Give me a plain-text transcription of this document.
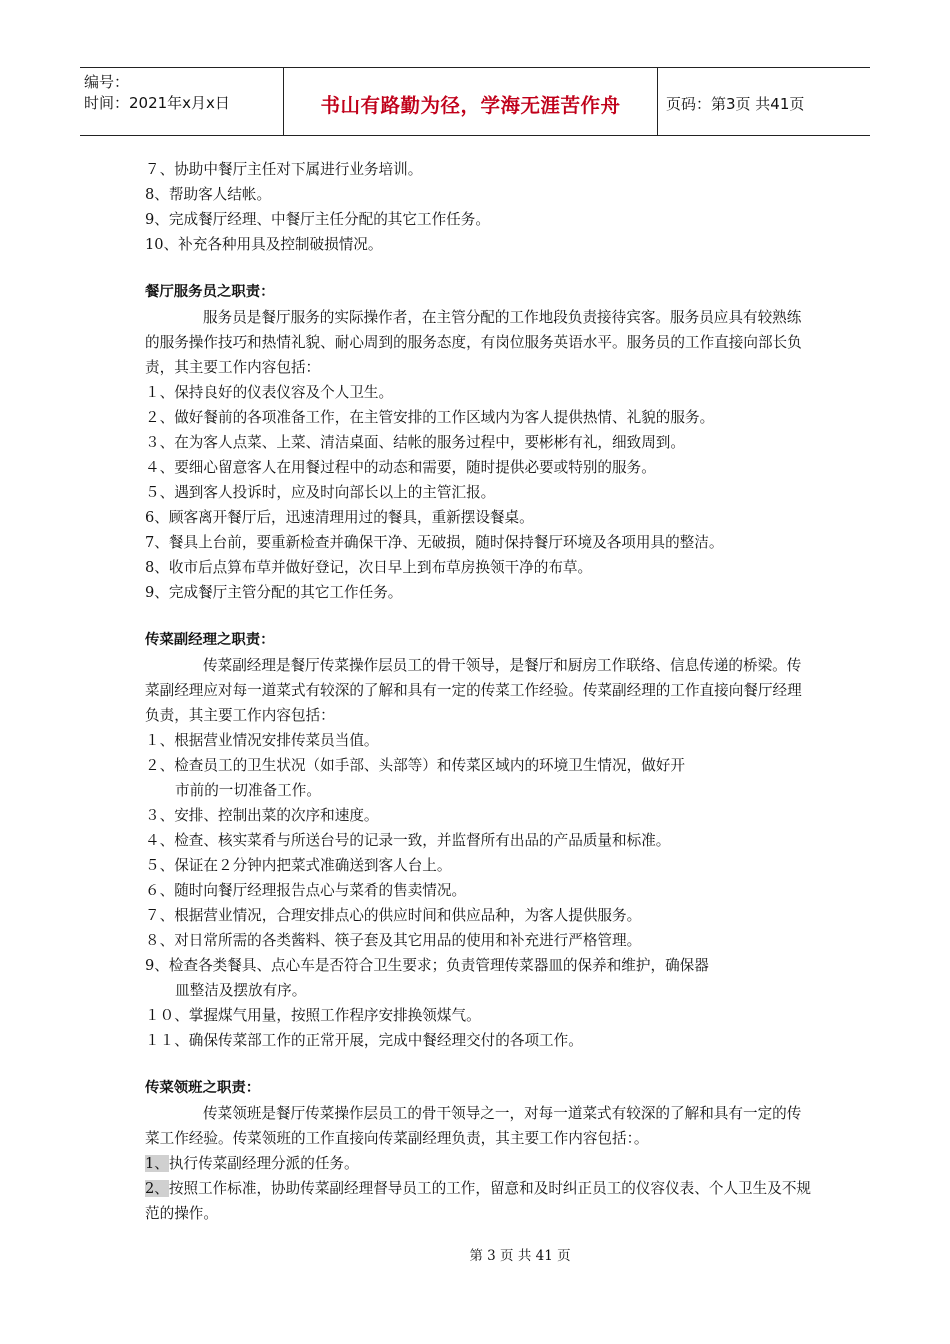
编号：
时间：2021年x月x日	书山有路勤为径，学海无涯苦作舟	页码：第3页 共41页
７、协助中餐厅主任对下属进行业务培训。
8、帮助客人结帐。
9、完成餐厅经理、中餐厅主任分配的其它工作任务。
10、补充各种用具及控制破损情况。
餐厅服务员之职责：
服务员是餐厅服务的实际操作者，在主管分配的工作地段负责接待宾客。服务员应具有较熟练的服务操作技巧和热情礼貌、耐心周到的服务态度，有岗位服务英语水平。服务员的工作直接向部长负责，其主要工作内容包括：
１、保持良好的仪表仪容及个人卫生。
２、做好餐前的各项准备工作，在主管安排的工作区域内为客人提供热情、礼貌的服务。
３、在为客人点菜、上菜、清洁桌面、结帐的服务过程中，要彬彬有礼，细致周到。
４、要细心留意客人在用餐过程中的动态和需要，随时提供必要或特别的服务。
５、遇到客人投诉时，应及时向部长以上的主管汇报。
6、顾客离开餐厅后，迅速清理用过的餐具，重新摆设餐桌。
7、餐具上台前，要重新检查并确保干净、无破损，随时保持餐厅环境及各项用具的整洁。
8、收市后点算布草并做好登记，次日早上到布草房换领干净的布草。
9、完成餐厅主管分配的其它工作任务。
传菜副经理之职责：
传菜副经理是餐厅传菜操作层员工的骨干领导，是餐厅和厨房工作联络、信息传递的桥梁。传菜副经理应对每一道菜式有较深的了解和具有一定的传菜工作经验。传菜副经理的工作直接向餐厅经理负责，其主要工作内容包括：
１、根据营业情况安排传菜员当值。
２、检查员工的卫生状况（如手部、头部等）和传菜区域内的环境卫生情况，做好开
市前的一切准备工作。
３、安排、控制出菜的次序和速度。
４、检查、核实菜肴与所送台号的记录一致，并监督所有出品的产品质量和标准。
５、保证在２分钟内把菜式准确送到客人台上。
６、随时向餐厅经理报告点心与菜肴的售卖情况。
７、根据营业情况，合理安排点心的供应时间和供应品种，为客人提供服务。
８、对日常所需的各类酱料、筷子套及其它用品的使用和补充进行严格管理。
9、检查各类餐具、点心车是否符合卫生要求；负责管理传菜器皿的保养和维护，确保器
皿整洁及摆放有序。
１０、掌握煤气用量，按照工作程序安排换领煤气。
１１、确保传菜部工作的正常开展，完成中餐经理交付的各项工作。
传菜领班之职责：
传菜领班是餐厅传菜操作层员工的骨干领导之一，对每一道菜式有较深的了解和具有一定的传菜工作经验。传菜领班的工作直接向传菜副经理负责，其主要工作内容包括：。
1、执行传菜副经理分派的任务。
2、按照工作标准，协助传菜副经理督导员工的工作，留意和及时纠正员工的仪容仪表、个人卫生及不规范的操作。
第 3 页 共 41 页
